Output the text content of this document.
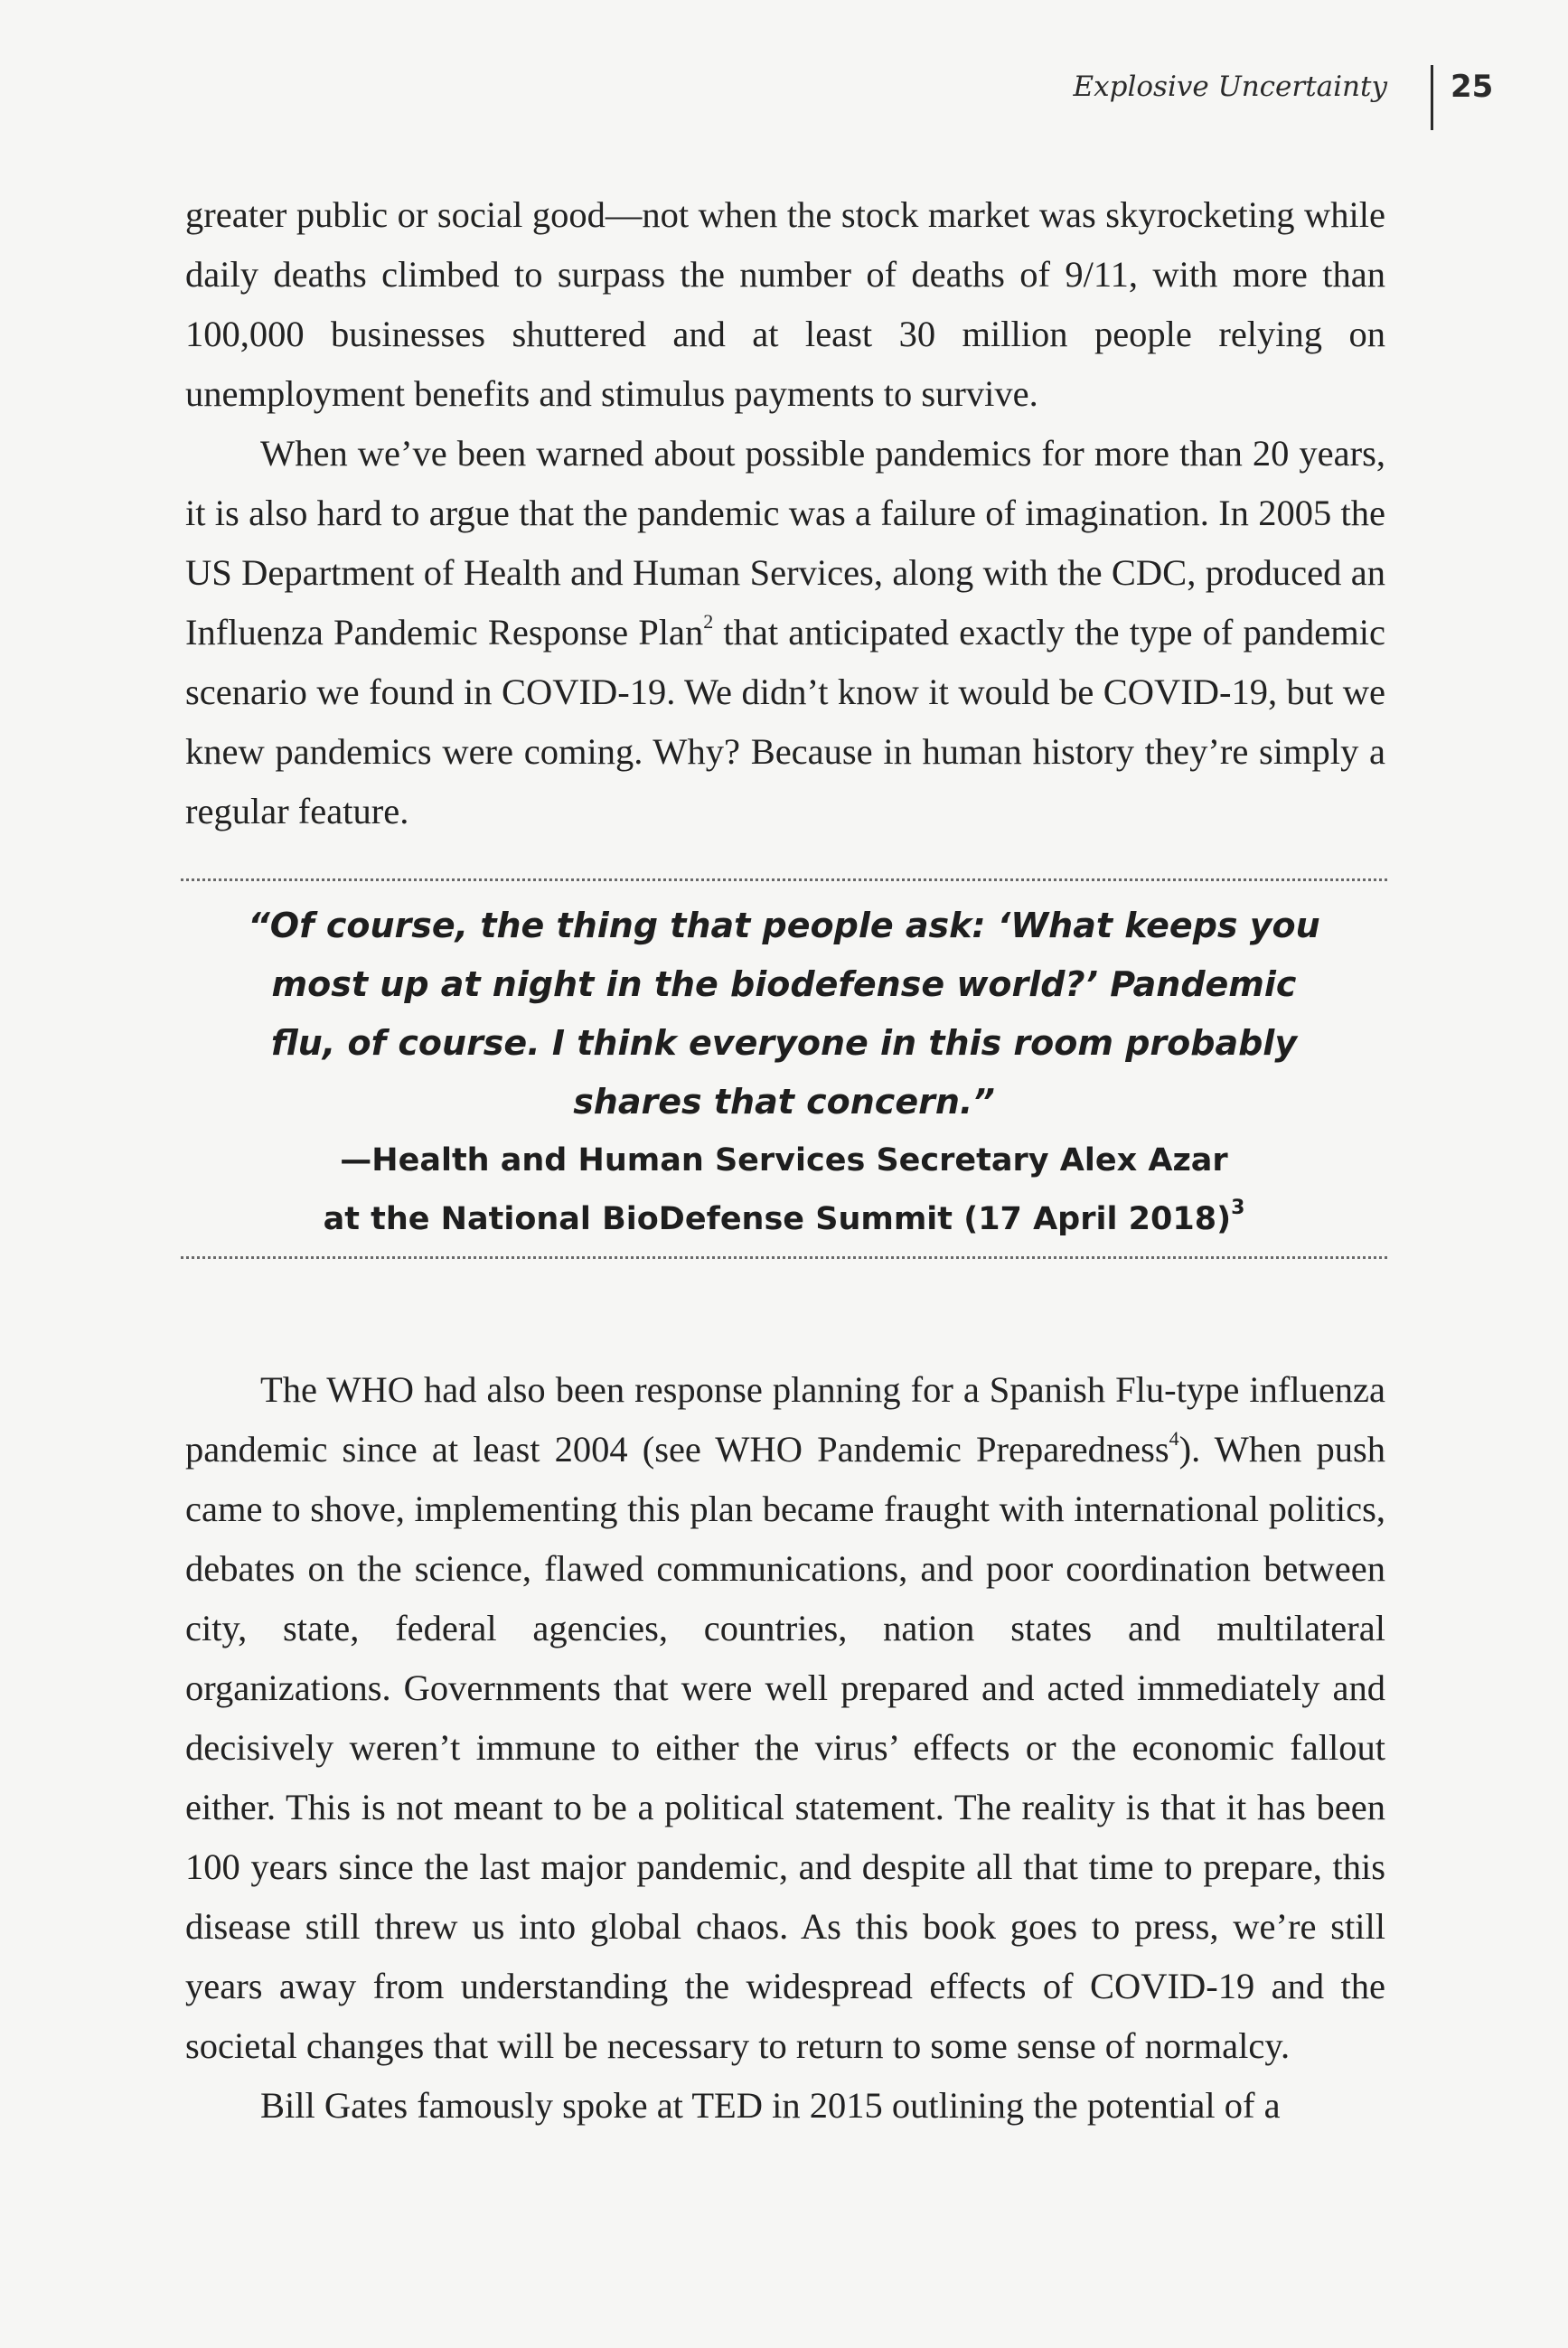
Explosive Uncertainty 25

greater public or social good—not when the stock market was skyrocketing while daily deaths climbed to surpass the number of deaths of 9/11, with more than 100,000 businesses shuttered and at least 30 million people relying on unemployment benefits and stimulus payments to survive.

When we’ve been warned about possible pandemics for more than 20 years, it is also hard to argue that the pandemic was a failure of imagination. In 2005 the US Department of Health and Human Services, along with the CDC, produced an Influenza Pandemic Response Plan$^2$ that anticipated exactly the type of pandemic scenario we found in COVID-19. We didn’t know it would be COVID-19, but we knew pandemics were coming. Why? Because in human history they’re simply a regular feature.

“Of course, the thing that people ask: ‘What keeps you most up at night in the biodefense world?’ Pandemic flu, of course. I think everyone in this room probably shares that concern.”
—Health and Human Services Secretary Alex Azar
at the National BioDefense Summit (17 April 2018)$^3$

The WHO had also been response planning for a Spanish Flu-type influenza pandemic since at least 2004 (see WHO Pandemic Preparedness$^4$). When push came to shove, implementing this plan became fraught with international politics, debates on the science, flawed communications, and poor coordination between city, state, federal agencies, countries, nation states and multilateral organizations. Governments that were well prepared and acted immediately and decisively weren’t immune to either the virus’ effects or the economic fallout either. This is not meant to be a political statement. The reality is that it has been 100 years since the last major pandemic, and despite all that time to prepare, this disease still threw us into global chaos. As this book goes to press, we’re still years away from understanding the widespread effects of COVID-19 and the societal changes that will be necessary to return to some sense of normalcy.

Bill Gates famously spoke at TED in 2015 outlining the potential of a
